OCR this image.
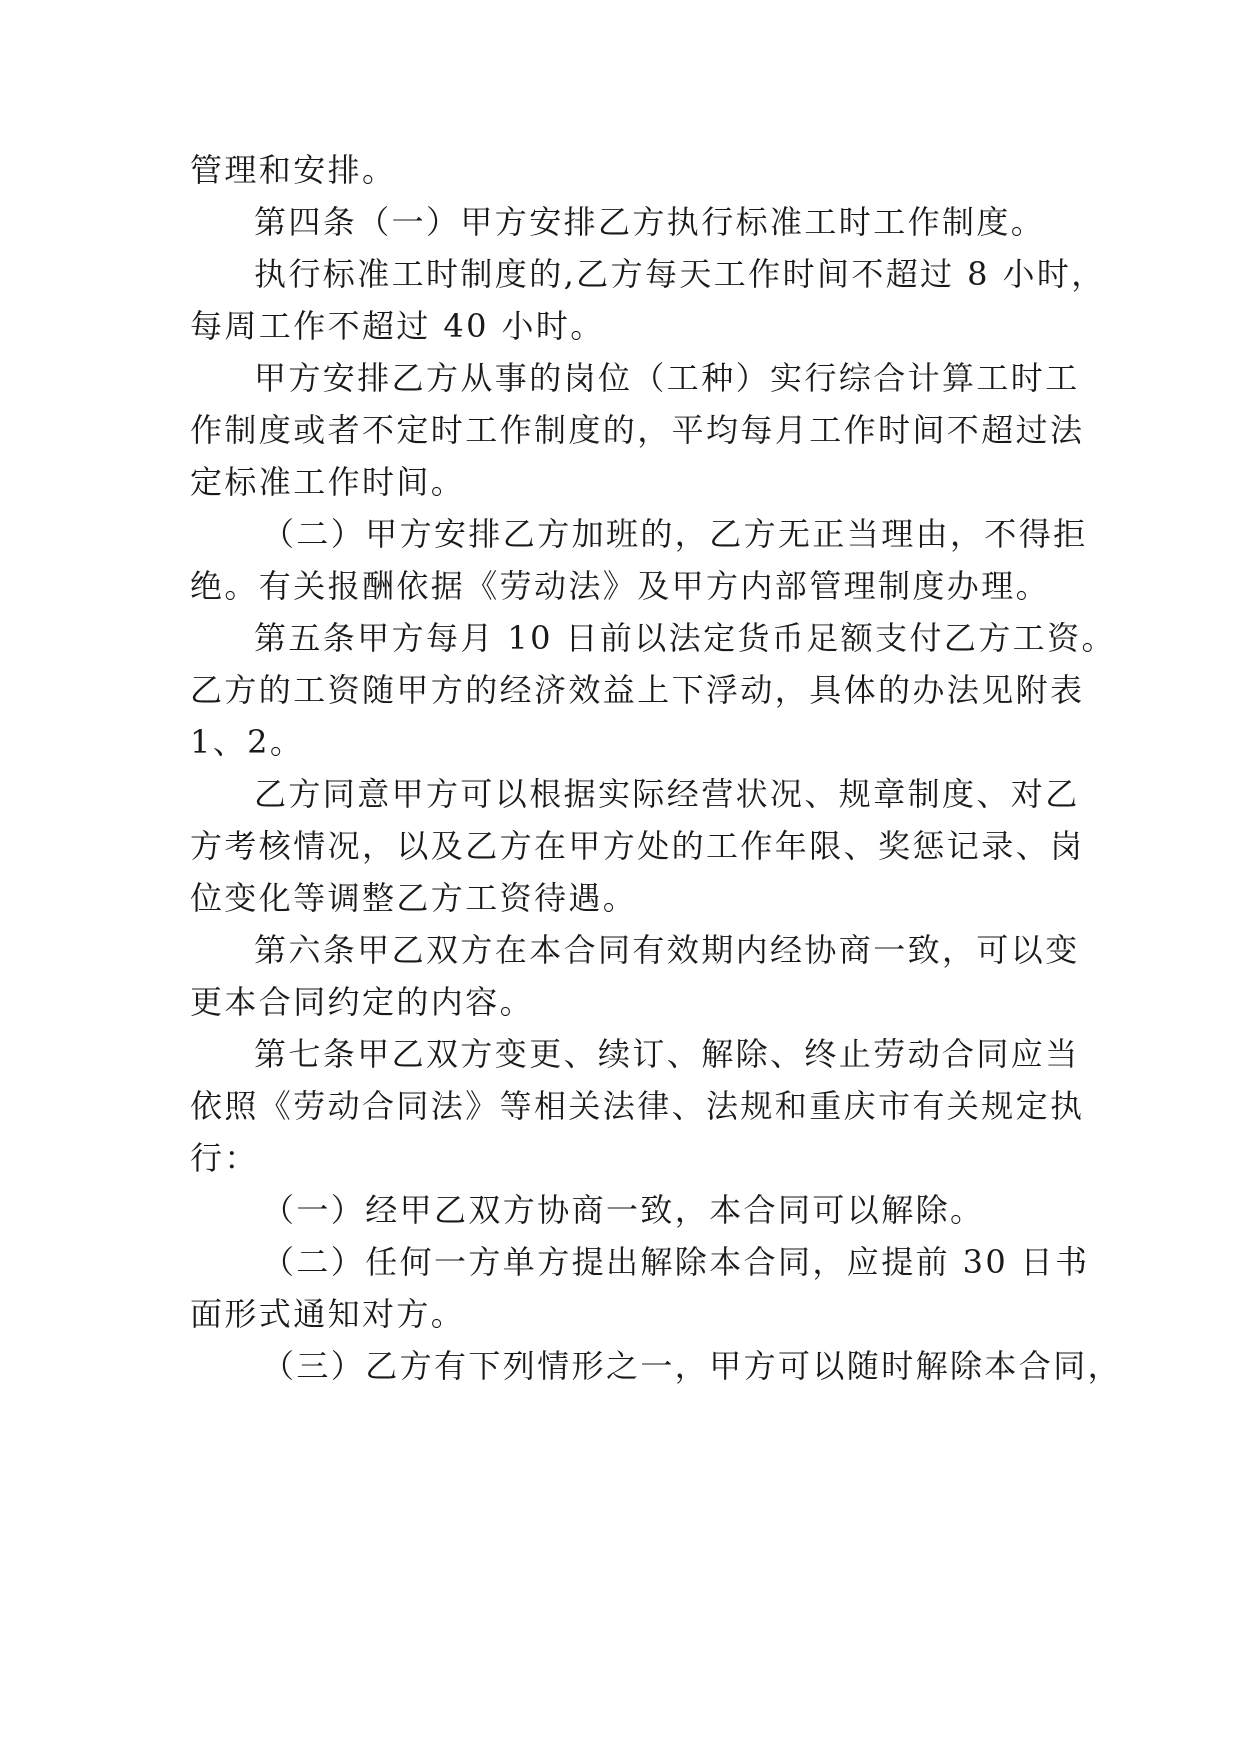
管理和安排。

第四条（一）甲方安排乙方执行标准工时工作制度。

执行标准工时制度的,乙方每天工作时间不超过 8 小时，

每周工作不超过 40 小时。

甲方安排乙方从事的岗位（工种）实行综合计算工时工

作制度或者不定时工作制度的，平均每月工作时间不超过法

定标准工作时间。

（二）甲方安排乙方加班的，乙方无正当理由，不得拒

绝。有关报酬依据《劳动法》及甲方内部管理制度办理。

第五条甲方每月 10 日前以法定货币足额支付乙方工资。

乙方的工资随甲方的经济效益上下浮动，具体的办法见附表

1、2。

乙方同意甲方可以根据实际经营状况、规章制度、对乙

方考核情况，以及乙方在甲方处的工作年限、奖惩记录、岗

位变化等调整乙方工资待遇。

第六条甲乙双方在本合同有效期内经协商一致，可以变

更本合同约定的内容。

第七条甲乙双方变更、续订、解除、终止劳动合同应当

依照《劳动合同法》等相关法律、法规和重庆市有关规定执

行：

（一）经甲乙双方协商一致，本合同可以解除。

（二）任何一方单方提出解除本合同，应提前 30 日书

面形式通知对方。

（三）乙方有下列情形之一，甲方可以随时解除本合同，
